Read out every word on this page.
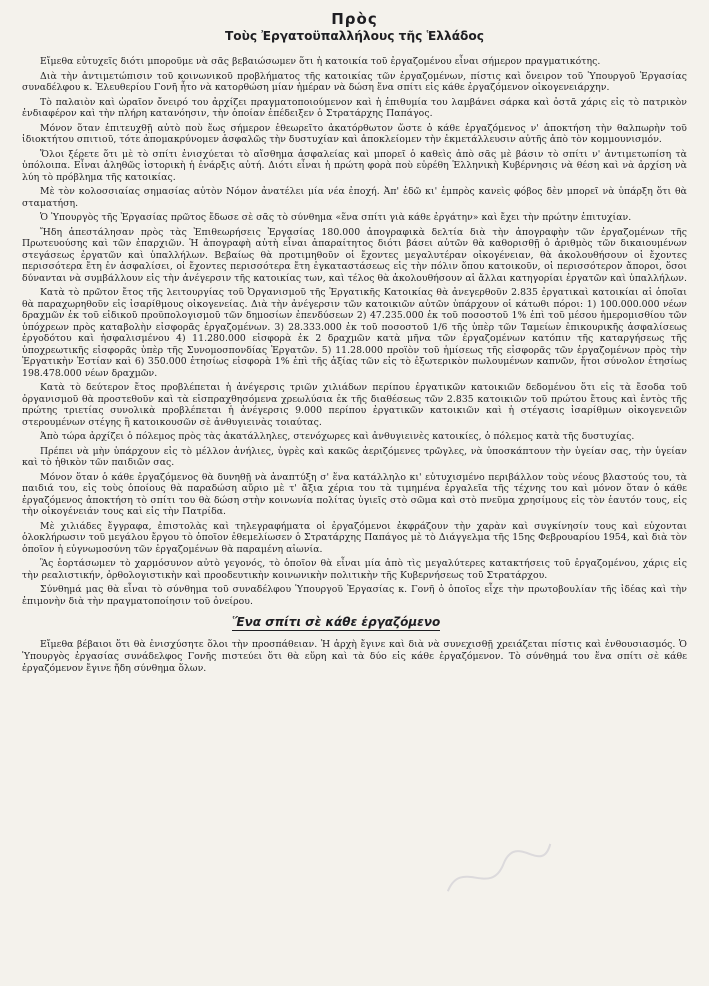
Πρὸς
Τοὺς Ἐργατοϋπαλλήλους τῆς Ἑλλάδος

Εἴμεθα εὐτυχεῖς διότι μποροῦμε νὰ σᾶς βεβαιώσωμεν ὅτι ἡ κατοικία τοῦ ἐργαζομένου εἶναι σήμερον πραγματικότης.

Διὰ τὴν ἀντιμετώπισιν τοῦ κοινωνικοῦ προβλήματος τῆς κατοικίας τῶν ἐργαζομένων, πίστις καὶ ὄνειρον τοῦ Ὑπουργοῦ Ἐργασίας συναδέλφου κ. Ἐλευθερίου Γονῆ ἦτο νὰ κατορθώση μίαν ἡμέραν νὰ δώση ἕνα σπίτι εἰς κάθε ἐργαζόμενον οἰκογενειάρχην.

Τὸ παλαιὸν καὶ ὡραῖον ὄνειρό του ἀρχίζει πραγματοποιούμενον καὶ ἡ ἐπιθυμία του λαμβάνει σάρκα καὶ ὀστᾶ χάρις εἰς τὸ πατρικὸν ἐνδιαφέρον καὶ τὴν πλήρη κατανόησιν, τὴν ὁποίαν ἐπέδειξεν ὁ Στρατάρχης Παπάγος.

Μόνον ὅταν ἐπιτευχθῇ αὐτὸ ποὺ ἕως σήμερον ἐθεωρεῖτο ἀκατόρθωτον ὥστε ὁ κάθε ἐργαζόμενος ν' ἀποκτήση τὴν θαλπωρὴν τοῦ ἰδιοκτήτου σπιτιοῦ, τότε ἀπομακρύνομεν ἀσφαλῶς τὴν δυστυχίαν καὶ ἀποκλείομεν τὴν ἐκμετάλλευσιν αὐτῆς ἀπὸ τὸν κομμουνισμόν.

Ὅλοι ξέρετε ὅτι μὲ τὸ σπίτι ἐνισχύεται τὸ αἴσθημα ἀσφαλείας καὶ μπορεῖ ὁ καθεὶς ἀπὸ σᾶς μὲ βάσιν τὸ σπίτι ν' ἀντιμετωπίση τὰ ὑπόλοιπα. Εἶναι ἀληθῶς ἱστορικὴ ἡ ἐνάρξις αὐτή. Διότι εἶναι ἡ πρώτη φορὰ ποὺ εὑρέθη Ἑλληνικὴ Κυβέρνησις νὰ θέση καὶ νὰ ἀρχίση νὰ λύη τὸ πρόβλημα τῆς κατοικίας.

Μὲ τὸν κολοσσιαίας σημασίας αὐτὸν Νόμον ἀνατέλει μία νέα ἐποχή. Ἀπ' ἐδῶ κι' ἐμπρὸς κανεὶς φόβος δὲν μπορεῖ νὰ ὑπάρξη ὅτι θὰ σταματήση.

Ὁ Ὑπουργὸς τῆς Ἐργασίας πρῶτος ἔδωσε σὲ σᾶς τὸ σύνθημα «ἕνα σπίτι γιὰ κάθε ἐργάτην» καὶ ἔχει τὴν πρώτην ἐπιτυχίαν.

Ἤδη ἀπεστάλησαν πρὸς τὰς Ἐπιθεωρήσεις Ἐργασίας 180.000 ἀπογραφικὰ δελτία διὰ τὴν ἀπογραφὴν τῶν ἐργαζομένων τῆς Πρωτευούσης καὶ τῶν ἐπαρχιῶν. Ἡ ἀπογραφὴ αὐτὴ εἶναι ἀπαραίτητος διότι βάσει αὐτῶν θὰ καθορισθῇ ὁ ἀριθμὸς τῶν δικαιουμένων στεγάσεως ἐργατῶν καὶ ὑπαλλήλων. Βεβαίως θὰ προτιμηθοῦν οἱ ἔχοντες μεγαλυτέραν οἰκογένειαν, θὰ ἀκολουθήσουν οἱ ἔχοντες περισσότερα ἔτη ἐν ἀσφαλίσει, οἱ ἔχοντες περισσότερα ἔτη ἐγκαταστάσεως εἰς τὴν πόλιν ὅπου κατοικοῦν, οἱ περισσότερον ἄποροι, ὅσοι δύνανται νὰ συμβάλλουν εἰς τὴν ἀνέγερσιν τῆς κατοικίας των, καὶ τέλος θὰ ἀκολουθήσουν αἱ ἄλλαι κατηγορίαι ἐργατῶν καὶ ὑπαλλήλων.

Κατὰ τὸ πρῶτον ἔτος τῆς λειτουργίας τοῦ Ὀργανισμοῦ τῆς Ἐργατικῆς Κατοικίας θὰ ἀνεγερθοῦν 2.835 ἐργατικαὶ κατοικίαι αἱ ὁποῖαι θὰ παραχωρηθοῦν εἰς ἰσαρίθμους οἰκογενείας. Διὰ τὴν ἀνέγερσιν τῶν κατοικιῶν αὐτῶν ὑπάρχουν οἱ κάτωθι πόροι: 1) 100.000.000 νέων δραχμῶν ἐκ τοῦ εἰδικοῦ προϋπολογισμοῦ τῶν δημοσίων ἐπενδύσεων 2) 47.235.000 ἐκ τοῦ ποσοστοῦ 1% ἐπὶ τοῦ μέσου ἡμερομισθίου τῶν ὑπόχρεων πρὸς καταβολὴν εἰσφορᾶς ἐργαζομένων. 3) 28.333.000 ἐκ τοῦ ποσοστοῦ 1/6 τῆς ὑπὲρ τῶν Ταμείων ἐπικουρικῆς ἀσφαλίσεως ἐργοδότου καὶ ἠσφαλισμένου 4) 11.280.000 εἰσφορὰ ἐκ 2 δραχμῶν κατὰ μῆνα τῶν ἐργαζομένων κατόπιν τῆς καταργήσεως τῆς ὑποχρεωτικῆς εἰσφορᾶς ὑπὲρ τῆς Συνομοσπονδίας Ἐργατῶν. 5) 11.28.000 προϊὸν τοῦ ἡμίσεως τῆς εἰσφορᾶς τῶν ἐργαζομένων πρὸς τὴν Ἐργατικὴν Ἑστίαν καὶ 6) 350.000 ἐτησίως εἰσφορὰ 1% ἐπὶ τῆς ἀξίας τῶν εἰς τὸ ἐξωτερικὸν πωλουμένων καπνῶν, ἤτοι σύνολον ἐτησίως 198.478.000 νέων δραχμῶν.

Κατὰ τὸ δεύτερον ἔτος προβλέπεται ἡ ἀνέγερσις τριῶν χιλιάδων περίπου ἐργατικῶν κατοικιῶν δεδομένου ὅτι εἰς τὰ ἔσοδα τοῦ ὀργανισμοῦ θὰ προστεθοῦν καὶ τὰ εἰσπραχθησόμενα χρεωλύσια ἐκ τῆς διαθέσεως τῶν 2.835 κατοικιῶν τοῦ πρώτου ἔτους καὶ ἐντὸς τῆς πρώτης τριετίας συνολικὰ προβλέπεται ἡ ἀνέγερσις 9.000 περίπου ἐργατικῶν κατοικιῶν καὶ ἡ στέγασις ἰσαρίθμων οἰκογενειῶν στερουμένων στέγης ἢ κατοικουσῶν σὲ ἀνθυγιεινὰς τοιαύτας.

Ἀπὸ τώρα ἀρχίζει ὁ πόλεμος πρὸς τὰς ἀκατάλληλες, στενόχωρες καὶ ἀνθυγιεινὲς κατοικίες, ὁ πόλεμος κατὰ τῆς δυστυχίας.

Πρέπει νὰ μὴν ὑπάρχουν εἰς τὸ μέλλον ἀνήλιες, ὑγρὲς καὶ κακῶς ἀεριζόμενες τρῶγλες, νὰ ὑποσκάπτουν τὴν ὑγείαν σας, τὴν ὑγείαν καὶ τὸ ἠθικὸν τῶν παιδιῶν σας.

Μόνον ὅταν ὁ κάθε ἐργαζόμενος θὰ δυνηθῇ νὰ ἀναπτύξη σ' ἕνα κατάλληλο κι' εὐτυχισμένο περιβάλλον τοὺς νέους βλαστούς του, τὰ παιδιά του, εἰς τοὺς ὁποίους θὰ παραδώση αὔριο μὲ τ' ἄξια χέρια του τὰ τιμημένα ἐργαλεῖα τῆς τέχνης του καὶ μόνον ὅταν ὁ κάθε ἐργαζόμενος ἀποκτήση τὸ σπίτι του θὰ δώση στὴν κοινωνία πολίτας ὑγιεῖς στὸ σῶμα καὶ στὸ πνεῦμα χρησίμους εἰς τὸν ἑαυτόν τους, εἰς τὴν οἰκογένειάν τους καὶ εἰς τὴν Πατρίδα.

Μὲ χιλιάδες ἔγγραφα, ἐπιστολὰς καὶ τηλεγραφήματα οἱ ἐργαζόμενοι ἐκφράζουν τὴν χαρὰν καὶ συγκίνησίν τους καὶ εὐχονται ὁλοκλήρωσιν τοῦ μεγάλου ἔργου τὸ ὁποῖον ἐθεμελίωσεν ὁ Στρατάρχης Παπάγος μὲ τὸ Διάγγελμα τῆς 15ης Φεβρουαρίου 1954, καὶ διὰ τὸν ὁποῖον ἡ εὐγνωμοσύνη τῶν ἐργαζομένων θὰ παραμένη αἰωνία.

Ἂς ἑορτάσωμεν τὸ χαρμόσυνον αὐτὸ γεγονός, τὸ ὁποῖον θὰ εἶναι μία ἀπὸ τὶς μεγαλύτερες κατακτήσεις τοῦ ἐργαζομένου, χάρις εἰς τὴν ρεαλιστικήν, ὀρθολογιστικὴν καὶ προοδευτικὴν κοινωνικὴν πολιτικὴν τῆς Κυβερνήσεως τοῦ Στρατάρχου.

Σύνθημά μας θὰ εἶναι τὸ σύνθημα τοῦ συναδέλφου Ὑπουργοῦ Ἐργασίας κ. Γονῆ ὁ ὁποῖος εἶχε τὴν πρωτοβουλίαν τῆς ἰδέας καὶ τὴν ἐπιμονὴν διὰ τὴν πραγματοποίησιν τοῦ ὀνείρου.

Ἕνα σπίτι σὲ κάθε ἐργαζόμενο

Εἴμεθα βέβαιοι ὅτι θὰ ἐνισχύσητε ὅλοι τὴν προσπάθειαν. Ἡ ἀρχὴ ἔγινε καὶ διὰ νὰ συνεχισθῇ χρειάζεται πίστις καὶ ἐνθουσιασμός. Ὁ Ὑπουργὸς ἐργασίας συνάδελφος Γονῆς πιστεύει ὅτι θὰ εὕρη καὶ τὰ δύο εἰς κάθε ἐργαζόμενον. Τὸ σύνθημά του ἕνα σπίτι σὲ κάθε ἐργαζόμενον ἔγινε ἤδη σύνθημα ὅλων.
